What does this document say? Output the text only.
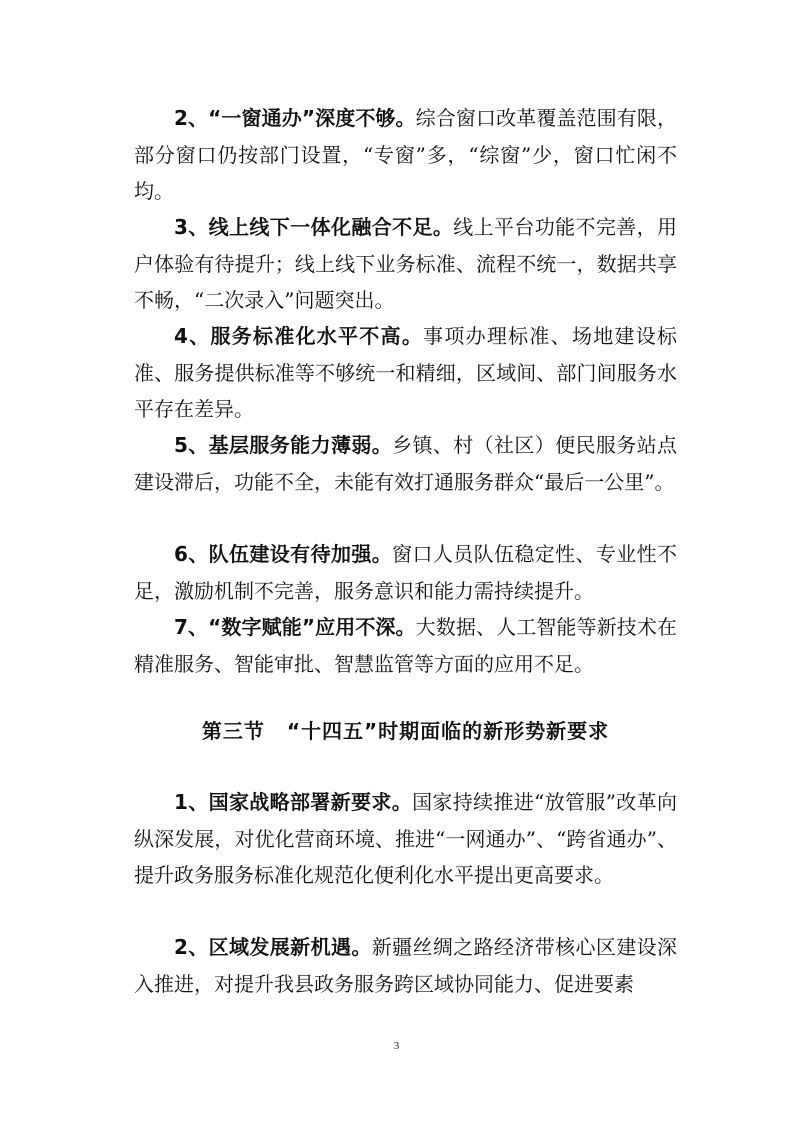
2、“一窗通办”深度不够。综合窗口改革覆盖范围有限，部分窗口仍按部门设置，“专窗”多，“综窗”少，窗口忙闲不均。

3、线上线下一体化融合不足。线上平台功能不完善，用户体验有待提升；线上线下业务标准、流程不统一，数据共享不畅，“二次录入”问题突出。

4、服务标准化水平不高。事项办理标准、场地建设标准、服务提供标准等不够统一和精细，区域间、部门间服务水平存在差异。

5、基层服务能力薄弱。乡镇、村（社区）便民服务站点建设滞后，功能不全，未能有效打通服务群众“最后一公里”。

6、队伍建设有待加强。窗口人员队伍稳定性、专业性不足，激励机制不完善，服务意识和能力需持续提升。

7、“数字赋能”应用不深。大数据、人工智能等新技术在精准服务、智能审批、智慧监管等方面的应用不足。

第三节 “十四五”时期面临的新形势新要求

1、国家战略部署新要求。国家持续推进“放管服”改革向纵深发展，对优化营商环境、推进“一网通办”、“跨省通办”、提升政务服务标准化规范化便利化水平提出更高要求。

2、区域发展新机遇。新疆丝绸之路经济带核心区建设深入推进，对提升我县政务服务跨区域协同能力、促进要素

3
